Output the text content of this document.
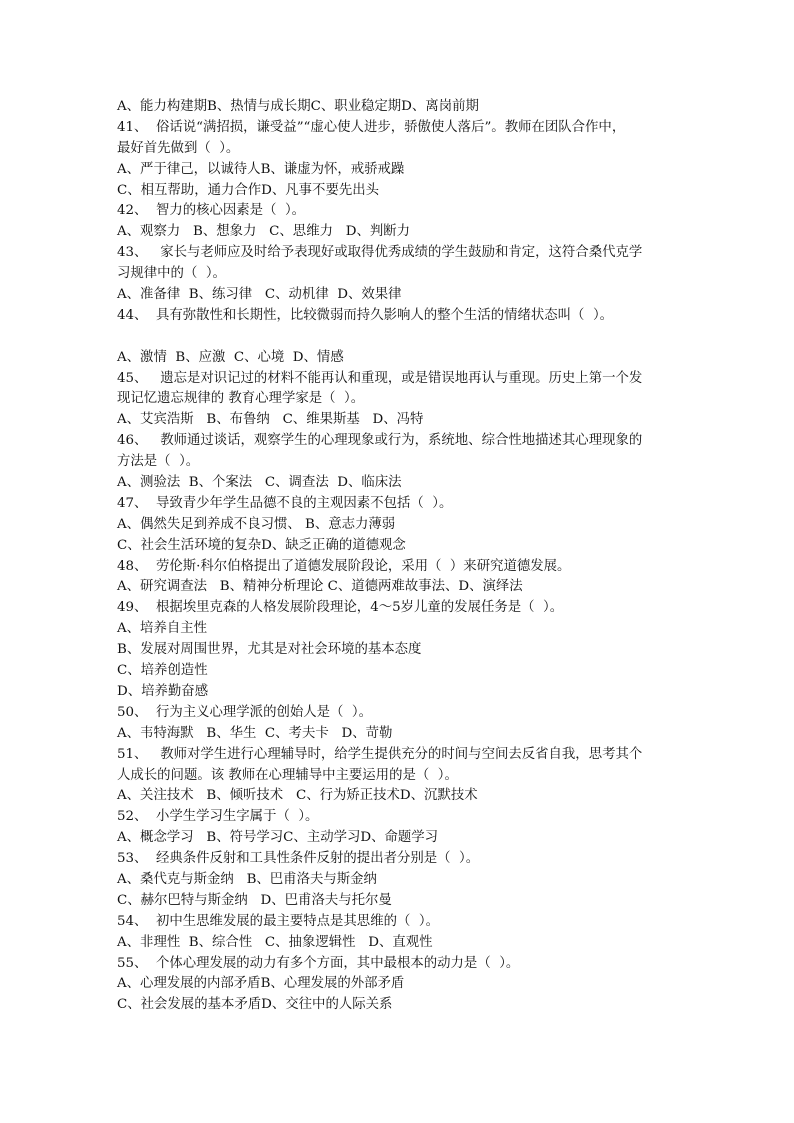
A、能力构建期B、热情与成长期C、职业稳定期D、离岗前期
41、  俗话说“满招损，谦受益”“虚心使人进步，骄傲使人落后”。教师在团队合作中，
最好首先做到（  ）。
A、严于律己，以诚待人B、谦虚为怀，戒骄戒躁
C、相互帮助，通力合作D、凡事不要先出头
42、  智力的核心因素是（  ）。
A、观察力   B、想象力   C、思维力   D、判断力
43、   家长与老师应及时给予表现好或取得优秀成绩的学生鼓励和肯定，这符合桑代克学
习规律中的（  ）。
A、准备律  B、练习律   C、动机律  D、效果律
44、  具有弥散性和长期性，比较微弱而持久影响人的整个生活的情绪状态叫（  ）。
A、激情  B、应激  C、心境  D、情感
45、   遗忘是对识记过的材料不能再认和重现，或是错误地再认与重现。历史上第一个发
现记忆遗忘规律的 教育心理学家是（  ）。
A、艾宾浩斯   B、布鲁纳   C、维果斯基   D、冯特
46、   教师通过谈话，观察学生的心理现象或行为，系统地、综合性地描述其心理现象的
方法是（  ）。
A、测验法  B、个案法   C、调查法  D、临床法
47、  导致青少年学生品德不良的主观因素不包括（  ）。
A、偶然失足到养成不良习惯、 B、意志力薄弱
C、社会生活环境的复杂D、缺乏正确的道德观念
48、  劳伦斯·科尔伯格提出了道德发展阶段论，采用（  ）来研究道德发展。
A、研究调查法   B、精神分析理论 C、道德两难故事法、D、演绎法
49、  根据埃里克森的人格发展阶段理论，4～5岁儿童的发展任务是（  ）。
A、培养自主性
B、发展对周围世界，尤其是对社会环境的基本态度
C、培养创造性
D、培养勤奋感
50、  行为主义心理学派的创始人是（  ）。
A、韦特海默   B、华生  C、考夫卡   D、苛勒
51、   教师对学生进行心理辅导时，给学生提供充分的时间与空间去反省自我，思考其个
人成长的问题。该 教师在心理辅导中主要运用的是（  ）。
A、关注技术   B、倾听技术   C、行为矫正技术D、沉默技术
52、  小学生学习生字属于（  ）。
A、概念学习   B、符号学习C、主动学习D、命题学习
53、  经典条件反射和工具性条件反射的提出者分别是（  ）。
A、桑代克与斯金纳   B、巴甫洛夫与斯金纳
C、赫尔巴特与斯金纳   D、巴甫洛夫与托尔曼
54、  初中生思维发展的最主要特点是其思维的（  ）。
A、非理性  B、综合性   C、抽象逻辑性   D、直观性
55、  个体心理发展的动力有多个方面，其中最根本的动力是（  ）。
A、心理发展的内部矛盾B、心理发展的外部矛盾
C、社会发展的基本矛盾D、交往中的人际关系
